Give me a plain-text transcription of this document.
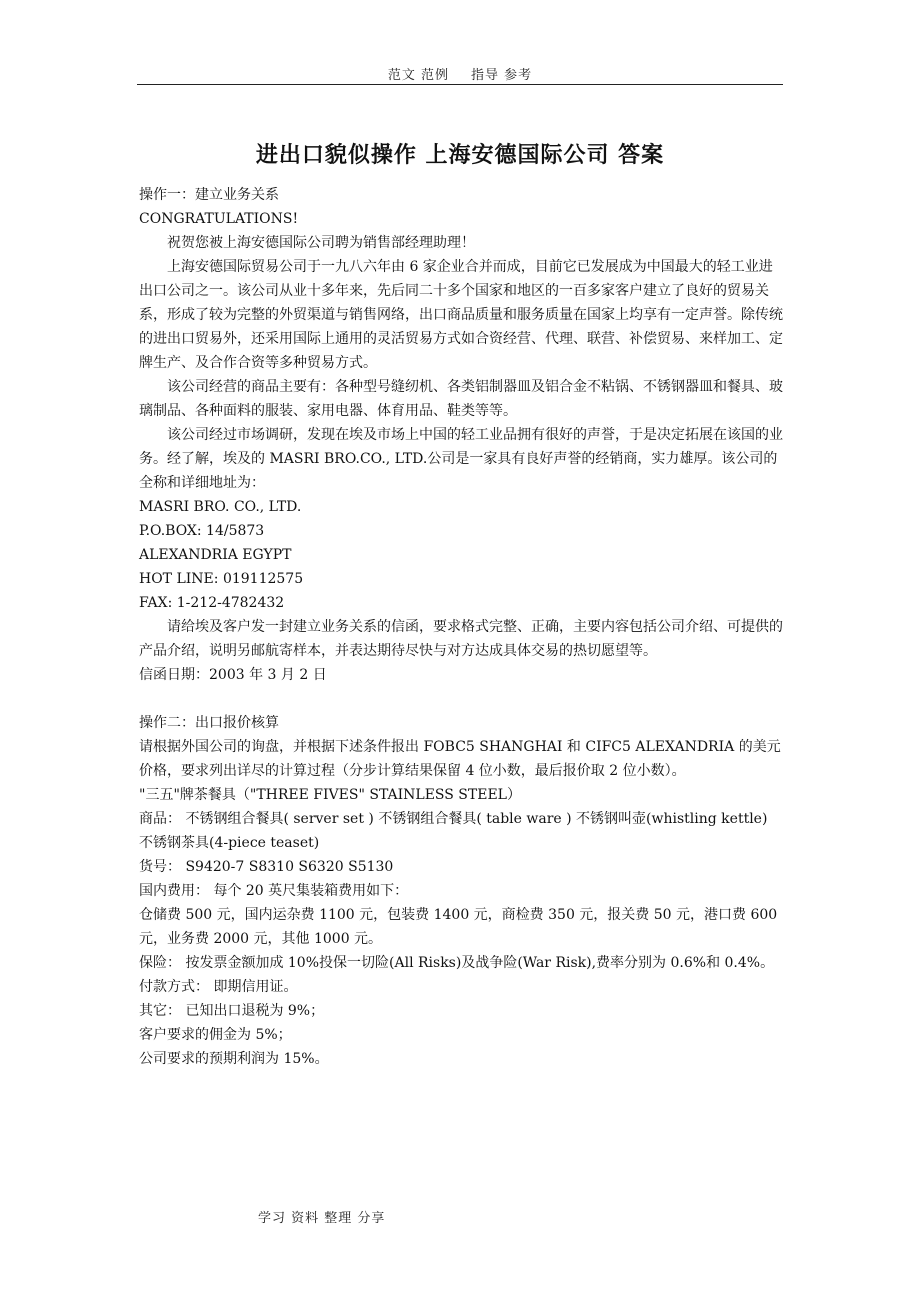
范文 范例 指导 参考
进出口貌似操作 上海安德国际公司 答案

操作一：建立业务关系

CONGRATULATIONS!

祝贺您被上海安德国际公司聘为销售部经理助理！

上海安德国际贸易公司于一九八六年由 6 家企业合并而成，目前它已发展成为中国最大的轻工业进出口公司之一。该公司从业十多年来，先后同二十多个国家和地区的一百多家客户建立了良好的贸易关系，形成了较为完整的外贸渠道与销售网络，出口商品质量和服务质量在国家上均享有一定声誉。除传统的进出口贸易外，还采用国际上通用的灵活贸易方式如合资经营、代理、联营、补偿贸易、来样加工、定牌生产、及合作合资等多种贸易方式。

该公司经营的商品主要有：各种型号缝纫机、各类铝制器皿及铝合金不粘锅、不锈钢器皿和餐具、玻璃制品、各种面料的服装、家用电器、体育用品、鞋类等等。

该公司经过市场调研，发现在埃及市场上中国的轻工业品拥有很好的声誉，于是决定拓展在该国的业务。经了解，埃及的 MASRI BRO.CO., LTD.公司是一家具有良好声誉的经销商，实力雄厚。该公司的全称和详细地址为：

MASRI BRO. CO., LTD.

P.O.BOX: 14/5873

ALEXANDRIA EGYPT

HOT LINE: 019112575

FAX: 1-212-4782432

请给埃及客户发一封建立业务关系的信函，要求格式完整、正确，主要内容包括公司介绍、可提供的产品介绍，说明另邮航寄样本，并表达期待尽快与对方达成具体交易的热切愿望等。

信函日期：2003 年 3 月 2 日

操作二：出口报价核算

请根据外国公司的询盘，并根据下述条件报出 FOBC5 SHANGHAI 和 CIFC5 ALEXANDRIA 的美元价格，要求列出详尽的计算过程（分步计算结果保留 4 位小数，最后报价取 2 位小数）。

"三五"牌茶餐具（"THREE FIVES" STAINLESS STEEL）

商品： 不锈钢组合餐具( server set ) 不锈钢组合餐具( table ware ) 不锈钢叫壶(whistling kettle) 不锈钢茶具(4-piece teaset)

货号： S9420-7 S8310 S6320 S5130

国内费用： 每个 20 英尺集装箱费用如下：

仓储费 500 元，国内运杂费 1100 元，包装费 1400 元，商检费 350 元，报关费 50 元，港口费 600 元，业务费 2000 元，其他 1000 元。

保险： 按发票金额加成 10%投保一切险(All Risks)及战争险(War Risk),费率分别为 0.6%和 0.4%。

付款方式： 即期信用证。

其它： 已知出口退税为 9%；

客户要求的佣金为 5%；

公司要求的预期利润为 15%。

学习 资料 整理 分享
